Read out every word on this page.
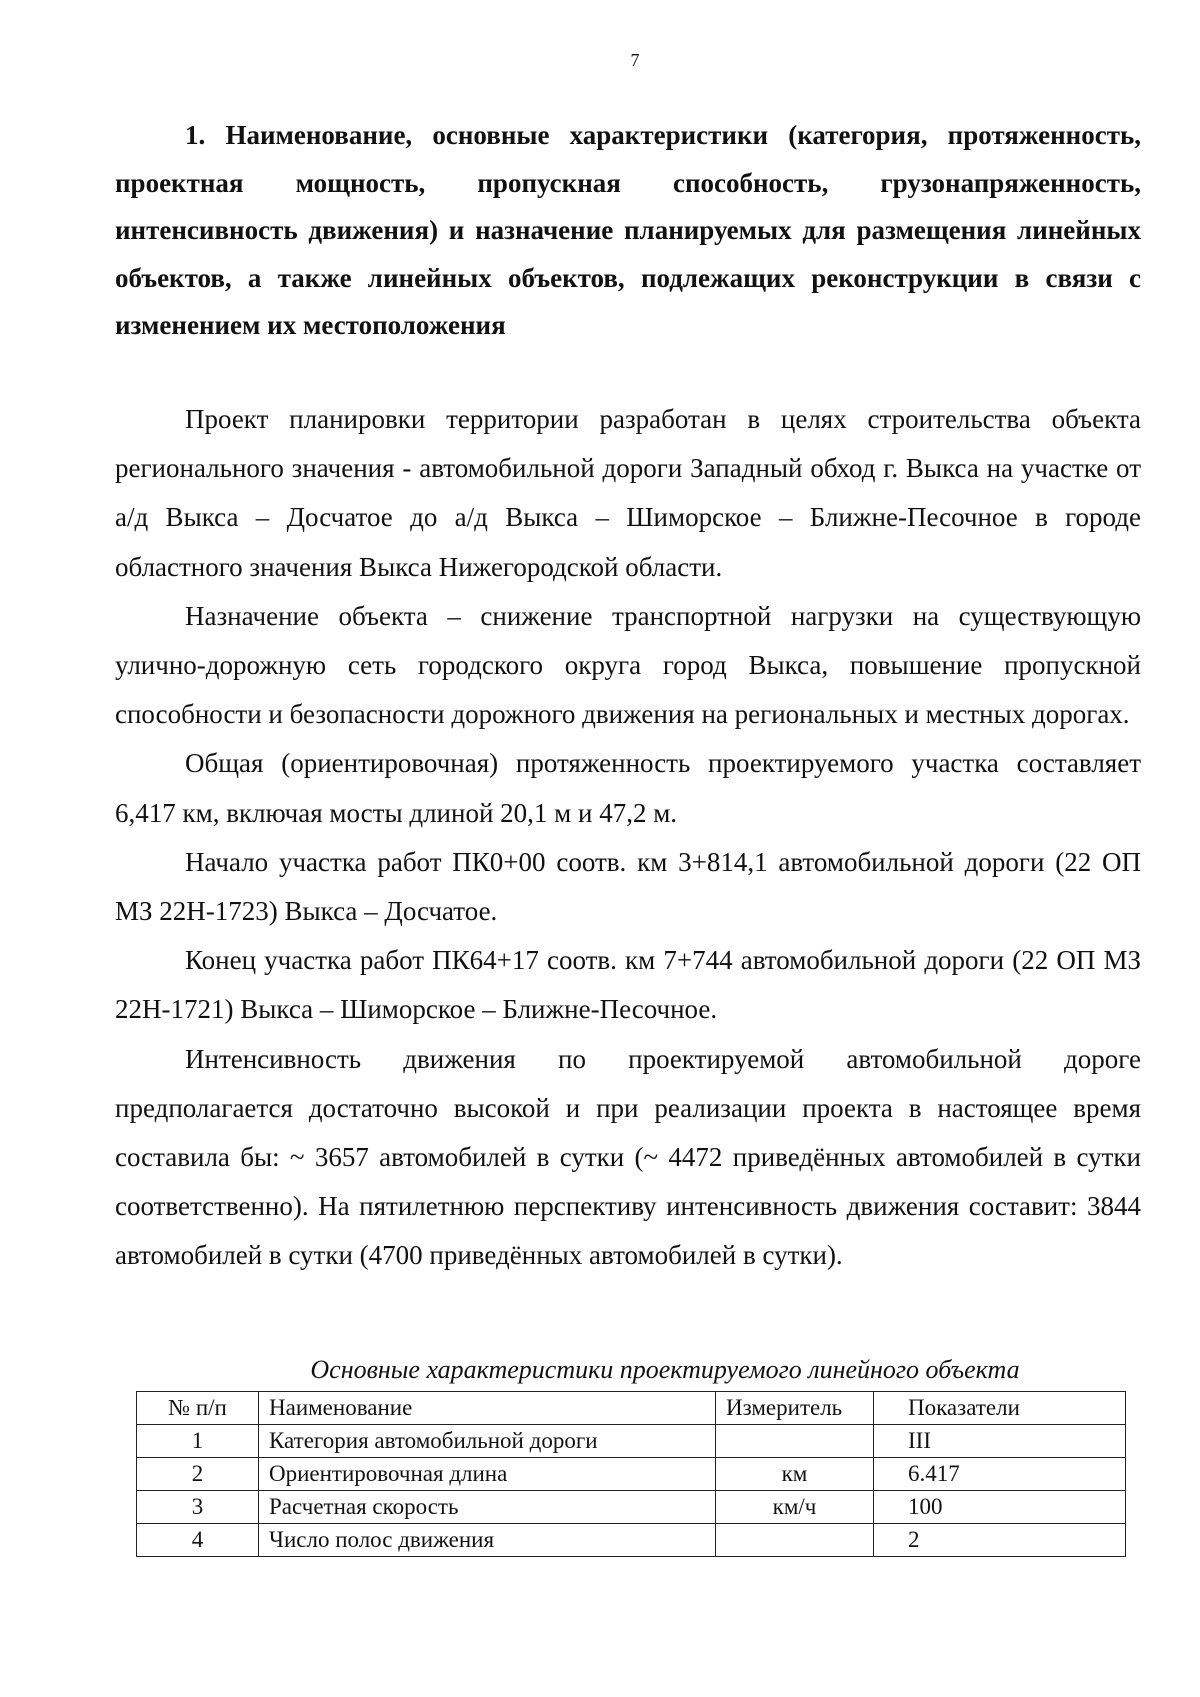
7
1. Наименование, основные характеристики (категория, протяженность, проектная мощность, пропускная способность, грузонапряженность, интенсивность движения) и назначение планируемых для размещения линейных объектов, а также линейных объектов, подлежащих реконструкции в связи с изменением их местоположения

Проект планировки территории разработан в целях строительства объекта регионального значения - автомобильной дороги Западный обход г. Выкса на участке от а/д Выкса – Досчатое до а/д Выкса – Шиморское – Ближне-Песочное в городе областного значения Выкса Нижегородской области.

Назначение объекта – снижение транспортной нагрузки на существующую улично-дорожную сеть городского округа город Выкса, повышение пропускной способности и безопасности дорожного движения на региональных и местных дорогах.

Общая (ориентировочная) протяженность проектируемого участка составляет 6,417 км, включая мосты длиной 20,1 м и 47,2 м.

Начало участка работ ПК0+00 соотв. км 3+814,1 автомобильной дороги (22 ОП МЗ 22Н-1723) Выкса – Досчатое.

Конец участка работ ПК64+17 соотв. км 7+744 автомобильной дороги (22 ОП МЗ 22Н-1721) Выкса – Шиморское – Ближне-Песочное.

Интенсивность движения по проектируемой автомобильной дороге предполагается достаточно высокой и при реализации проекта в настоящее время составила бы: ~ 3657 автомобилей в сутки (~ 4472 приведённых автомобилей в сутки соответственно). На пятилетнюю перспективу интенсивность движения составит: 3844 автомобилей в сутки (4700 приведённых автомобилей в сутки).

Основные характеристики проектируемого линейного объекта
№ п/п	Наименование	Измеритель	Показатели
1	Категория автомобильной дороги		III
2	Ориентировочная длина	км	6.417
3	Расчетная скорость	км/ч	100
4	Число полос движения		2
